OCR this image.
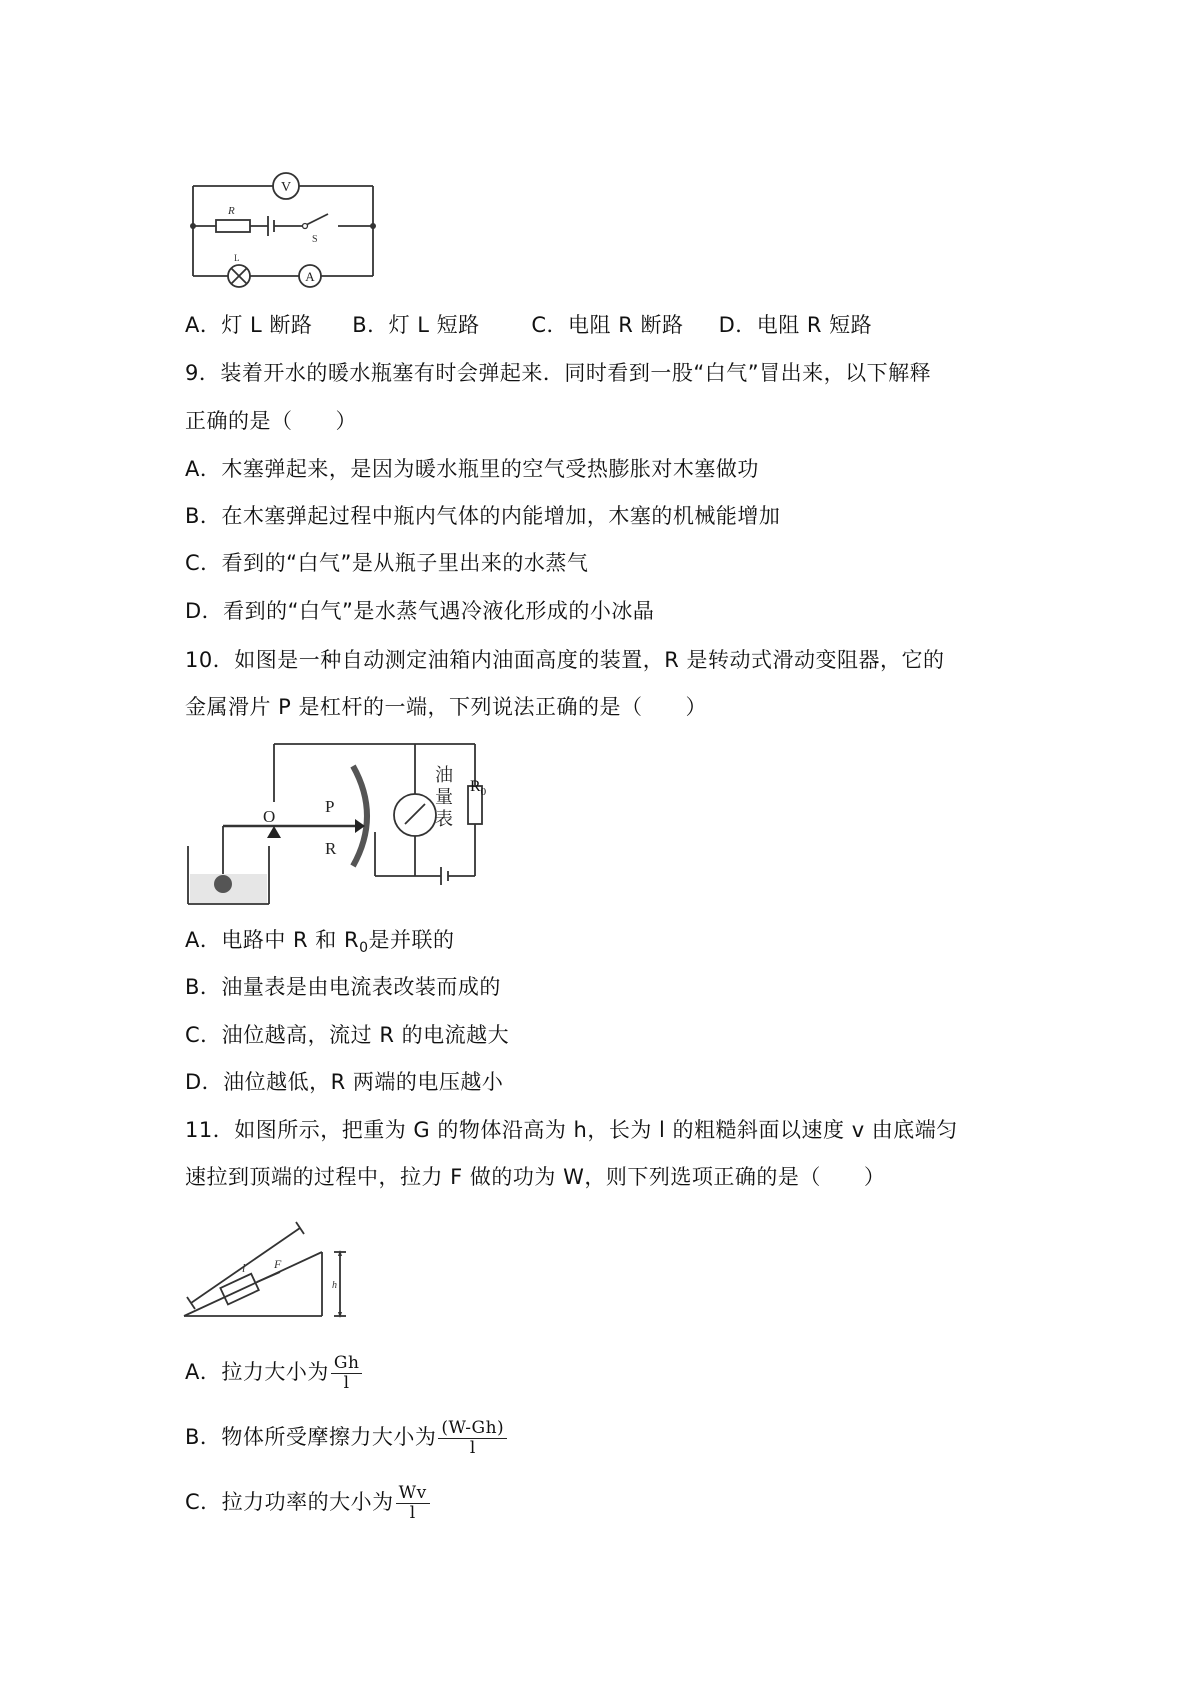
V
A
R
S
L
A．灯 L 断路 B．灯 L 短路 C．电阻 R 断路 D．电阻 R 短路
9．装着开水的暖水瓶塞有时会弹起来．同时看到一股“白气”冒出来，以下解释
正确的是（　　）
A．木塞弹起来，是因为暖水瓶里的空气受热膨胀对木塞做功
B．在木塞弹起过程中瓶内气体的内能增加，木塞的机械能增加
C．看到的“白气”是从瓶子里出来的水蒸气
D．看到的“白气”是水蒸气遇冷液化形成的小冰晶
10．如图是一种自动测定油箱内油面高度的装置，R 是转动式滑动变阻器，它的
金属滑片 P 是杠杆的一端，下列说法正确的是（　　）
O
P
R
油 量 表
$R_0$
A．电路中 R 和 $R_0$是并联的
B．油量表是由电流表改装而成的
C．油位越高，流过 R 的电流越大
D．油位越低，R 两端的电压越小
11．如图所示，把重为 G 的物体沿高为 h，长为 l 的粗糙斜面以速度 v 由底端匀
速拉到顶端的过程中，拉力 F 做的功为 W，则下列选项正确的是（　　）
l F
h
A．拉力大小为 $\frac{Gh}{l}$
B．物体所受摩擦力大小为 $\frac{(W-Gh)}{l}$
C．拉力功率的大小为 $\frac{Wv}{l}$
